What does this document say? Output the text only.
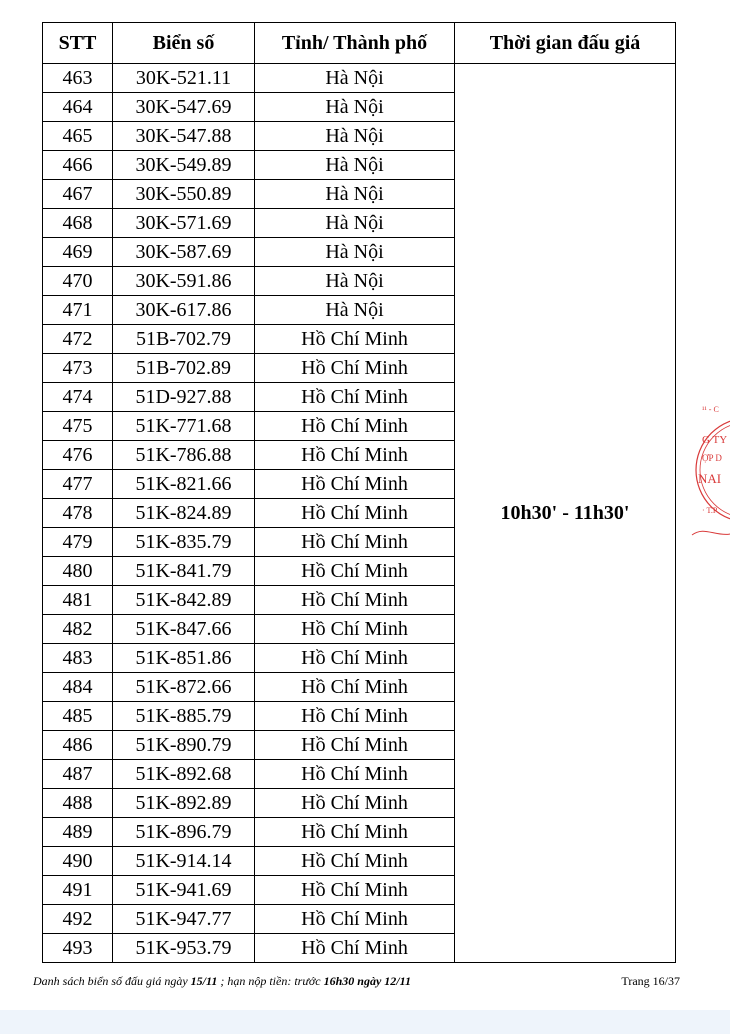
STT	Biển số	Tỉnh/ Thành phố	Thời gian đấu giá
463	30K-521.11	Hà Nội	10h30' - 11h30'
464	30K-547.69	Hà Nội	
465	30K-547.88	Hà Nội	
466	30K-549.89	Hà Nội	
467	30K-550.89	Hà Nội	
468	30K-571.69	Hà Nội	
469	30K-587.69	Hà Nội	
470	30K-591.86	Hà Nội	
471	30K-617.86	Hà Nội	
472	51B-702.79	Hồ Chí Minh	
473	51B-702.89	Hồ Chí Minh	
474	51D-927.88	Hồ Chí Minh	
475	51K-771.68	Hồ Chí Minh	
476	51K-786.88	Hồ Chí Minh	
477	51K-821.66	Hồ Chí Minh	
478	51K-824.89	Hồ Chí Minh	
479	51K-835.79	Hồ Chí Minh	
480	51K-841.79	Hồ Chí Minh	
481	51K-842.89	Hồ Chí Minh	
482	51K-847.66	Hồ Chí Minh	
483	51K-851.86	Hồ Chí Minh	
484	51K-872.66	Hồ Chí Minh	
485	51K-885.79	Hồ Chí Minh	
486	51K-890.79	Hồ Chí Minh	
487	51K-892.68	Hồ Chí Minh	
488	51K-892.89	Hồ Chí Minh	
489	51K-896.79	Hồ Chí Minh	
490	51K-914.14	Hồ Chí Minh	
491	51K-941.69	Hồ Chí Minh	
492	51K-947.77	Hồ Chí Minh	
493	51K-953.79	Hồ Chí Minh	
¹¹ - C
G TY
ỢP D
NAI
· T.P
Danh sách biển số đấu giá ngày 15/11 ; hạn nộp tiền: trước 16h30 ngày 12/11	Trang 16/37
